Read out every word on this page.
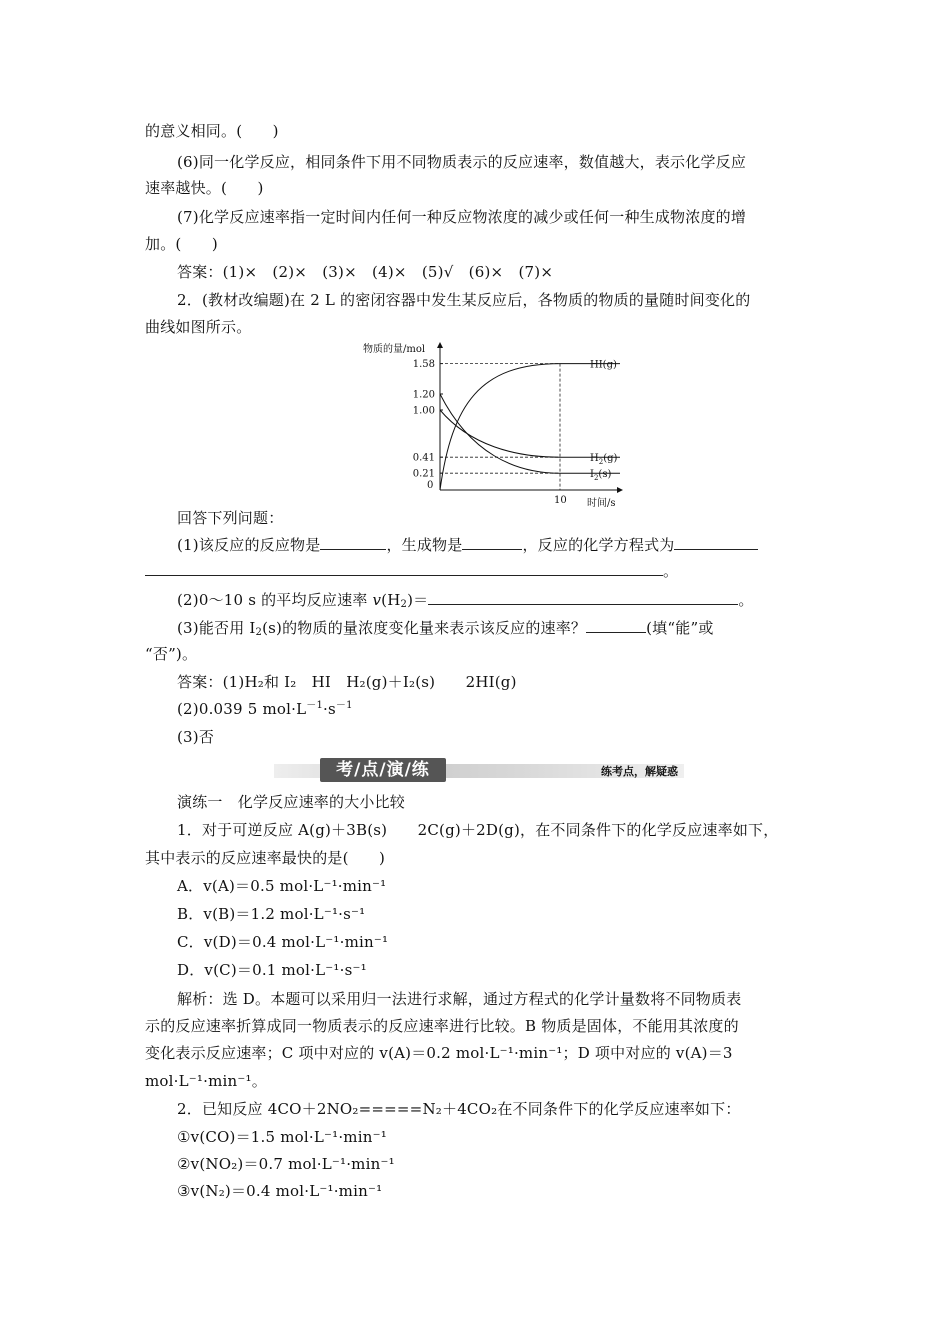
的意义相同。(　　)
(6)同一化学反应，相同条件下用不同物质表示的反应速率，数值越大，表示化学反应
速率越快。(　　)
(7)化学反应速率指一定时间内任何一种反应物浓度的减少或任何一种生成物浓度的增
加。(　　)
答案：(1)×　(2)×　(3)×　(4)×　(5)√　(6)×　(7)×
2．(教材改编题)在 2 L 的密闭容器中发生某反应后，各物质的物质的量随时间变化的
曲线如图所示。
物质的量/mol
时间/s
0
1.58
1.20
1.00
0.41
0.21
10
HI(g)
$H_2(g)$
$I_2(s)$
回答下列问题：
(1)该反应的反应物是	，生成物是	，反应的化学方程式为
。
(2)0～10 s 的平均反应速率 $v(H_2)=$	。
(3)能否用 $I_2(s)$的物质的量浓度变化量来表示该反应的速率？	(填“能”或
“否”)。
答案：(1)H₂和 I₂　HI　H₂(g)＋I₂(s)　　2HI(g)
(2)0.039 5 $mol\cdot L^{-1}\cdot s^{-1}$
(3)否
考/点/演/练	练考点，解疑惑
演练一　化学反应速率的大小比较
1．对于可逆反应 A(g)＋3B(s)　　2C(g)＋2D(g)，在不同条件下的化学反应速率如下，
其中表示的反应速率最快的是(　　)
A．v(A)＝0.5 mol·L⁻¹·min⁻¹
B．v(B)＝1.2 mol·L⁻¹·s⁻¹
C．v(D)＝0.4 mol·L⁻¹·min⁻¹
D．v(C)＝0.1 mol·L⁻¹·s⁻¹
解析：选 D。本题可以采用归一法进行求解，通过方程式的化学计量数将不同物质表
示的反应速率折算成同一物质表示的反应速率进行比较。B 物质是固体，不能用其浓度的
变化表示反应速率；C 项中对应的 v(A)＝0.2 mol·L⁻¹·min⁻¹；D 项中对应的 v(A)＝3
mol·L⁻¹·min⁻¹。
2．已知反应 4CO＋2NO₂=====N₂＋4CO₂在不同条件下的化学反应速率如下：
①v(CO)＝1.5 mol·L⁻¹·min⁻¹
②v(NO₂)＝0.7 mol·L⁻¹·min⁻¹
③v(N₂)＝0.4 mol·L⁻¹·min⁻¹
